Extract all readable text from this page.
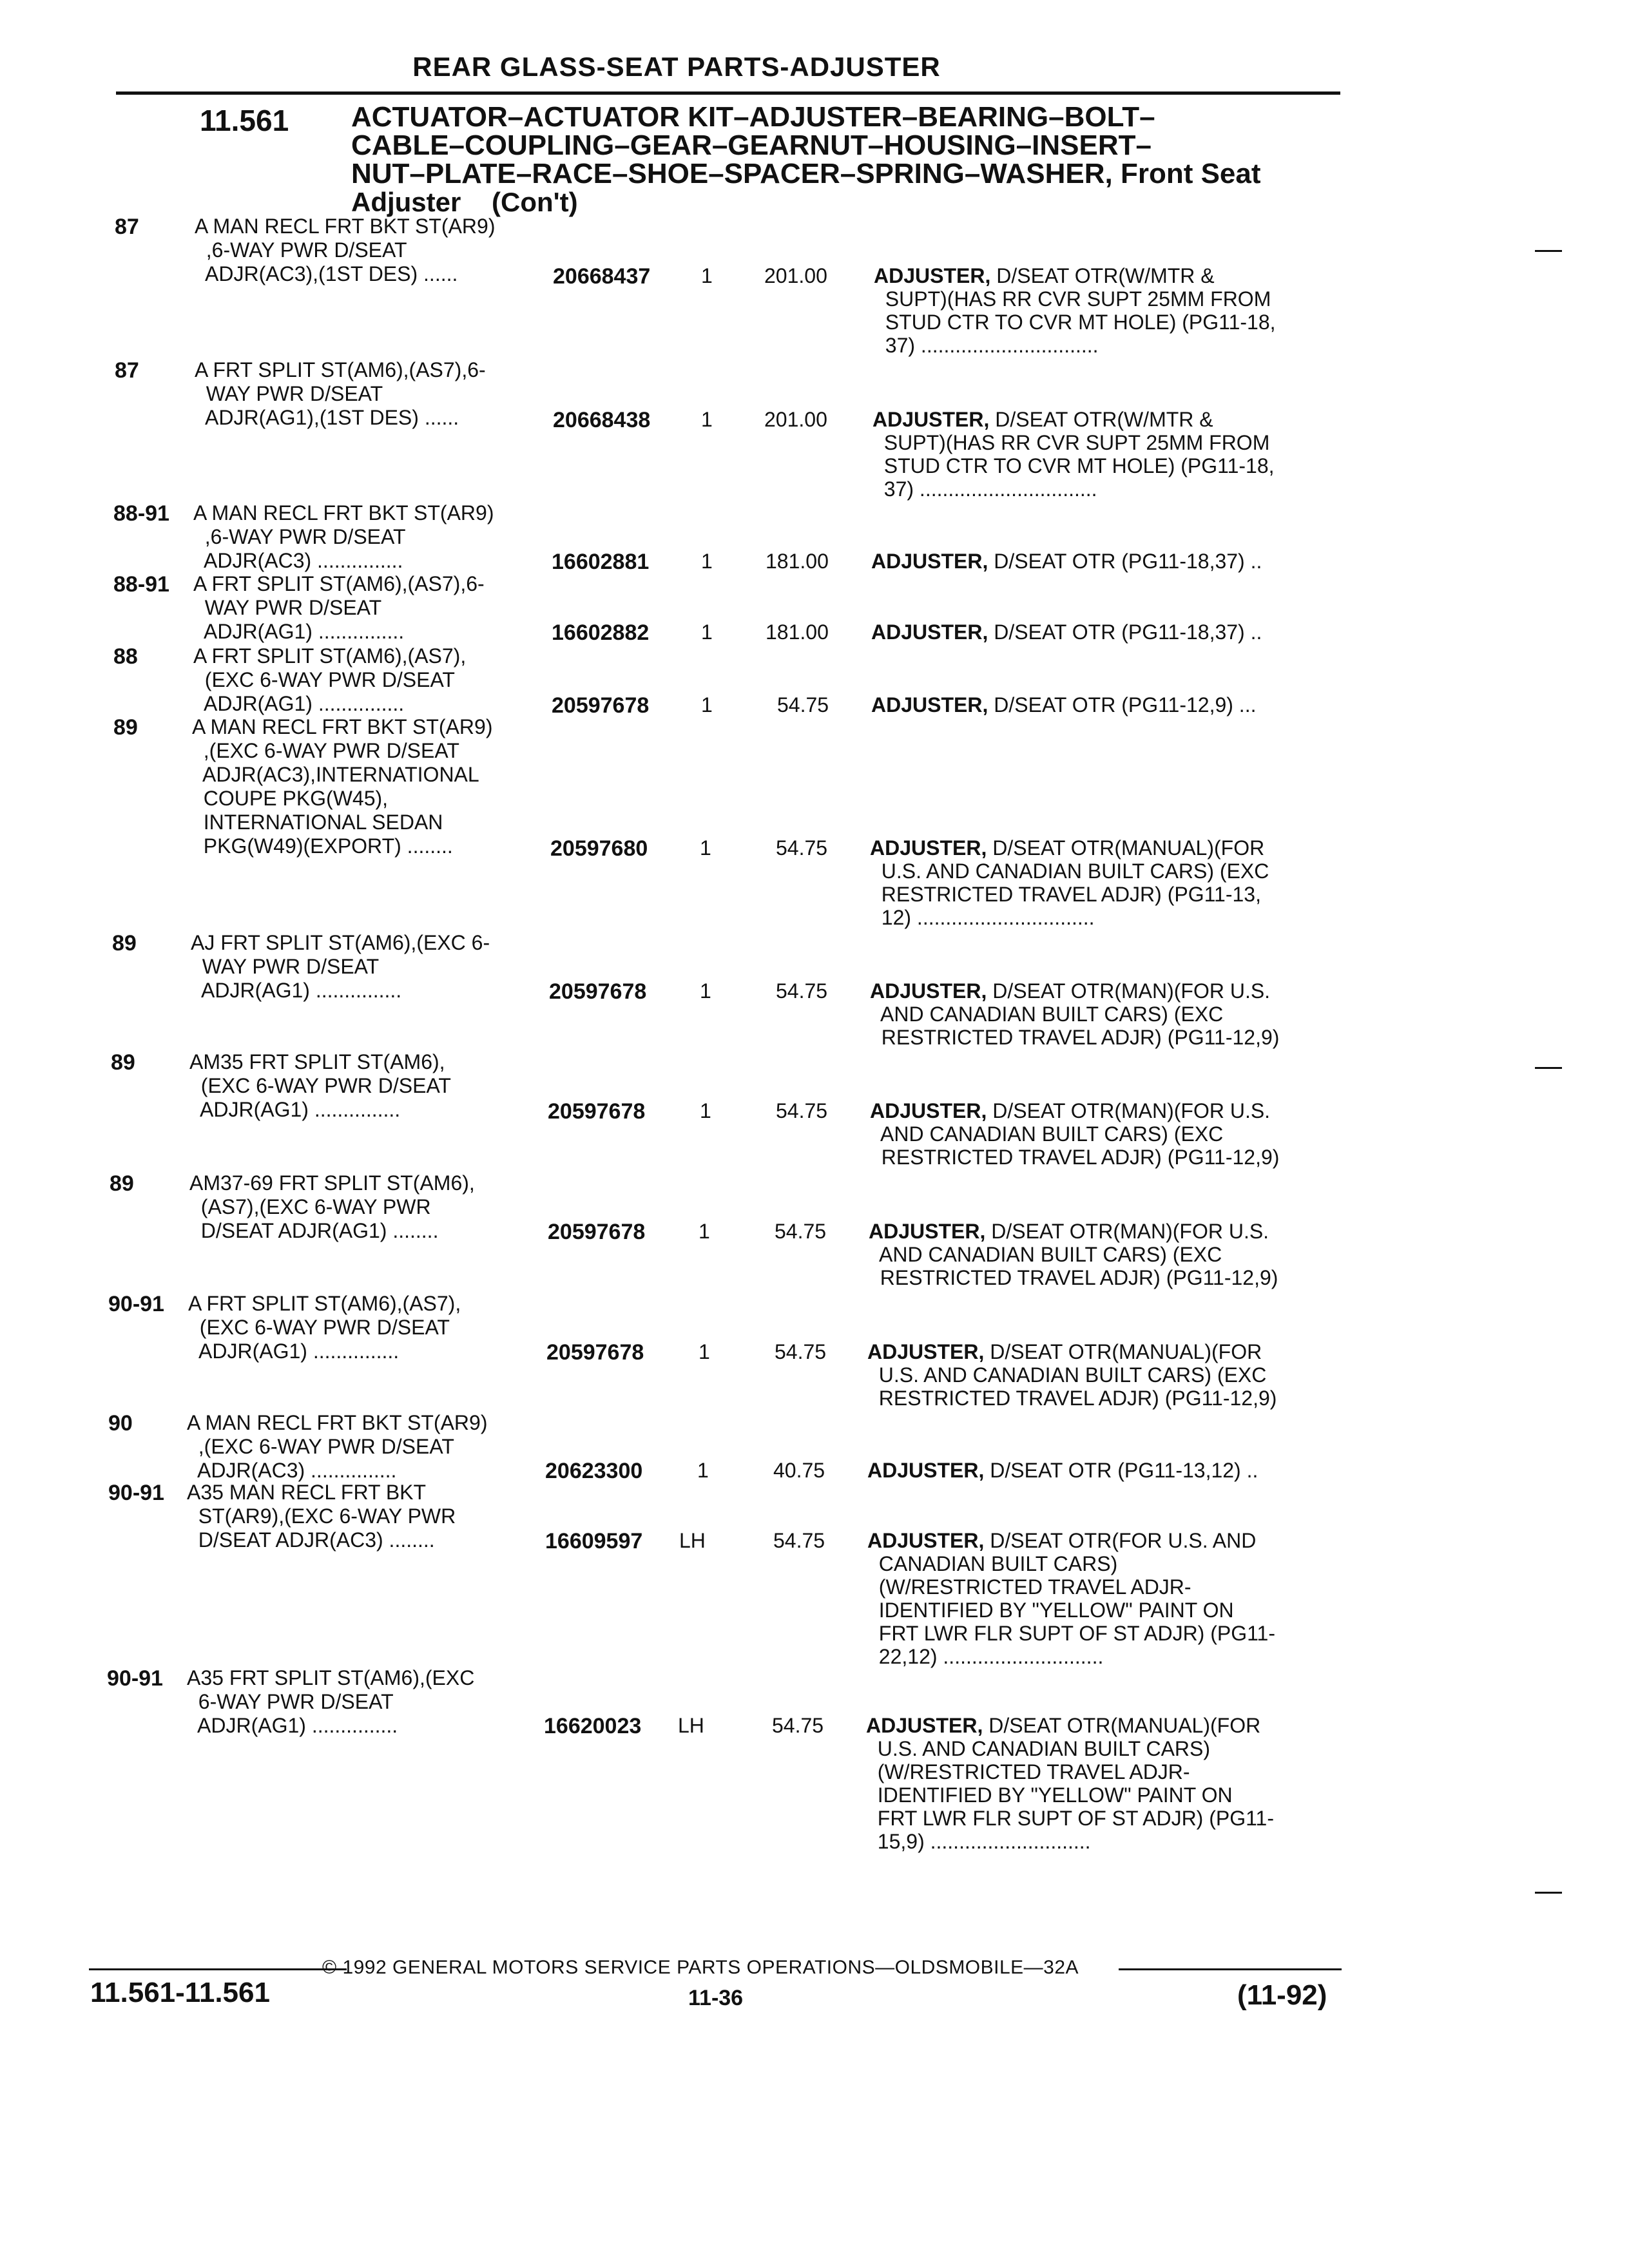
REAR GLASS-SEAT PARTS-ADJUSTER
11.561 ACTUATOR–ACTUATOR KIT–ADJUSTER–BEARING–BOLT–
CABLE–COUPLING–GEAR–GEARNUT–HOUSING–INSERT–
NUT–PLATE–RACE–SHOE–SPACER–SPRING–WASHER, Front Seat
Adjuster (Con't)
87	A MAN RECL FRT BKT ST(AR9)
,6-WAY PWR D/SEAT
ADJR(AC3),(1ST DES) ......	20668437 1	201.00 ADJUSTER, D/SEAT OTR(W/MTR &
SUPT)(HAS RR CVR SUPT 25MM FROM
STUD CTR TO CVR MT HOLE) (PG11-18,
37) ...............................
87	A FRT SPLIT ST(AM6),(AS7),6-
WAY PWR D/SEAT
ADJR(AG1),(1ST DES) ......	20668438 1	201.00 ADJUSTER, D/SEAT OTR(W/MTR &
SUPT)(HAS RR CVR SUPT 25MM FROM
STUD CTR TO CVR MT HOLE) (PG11-18,
37) ...............................
88-91 A MAN RECL FRT BKT ST(AR9)
,6-WAY PWR D/SEAT
ADJR(AC3) ...............	16602881	1	181.00 ADJUSTER, D/SEAT OTR (PG11-18,37) ..
88-91 A FRT SPLIT ST(AM6),(AS7),6-
WAY PWR D/SEAT
ADJR(AG1) ...............	16602882	1	181.00 ADJUSTER, D/SEAT OTR (PG11-18,37) ..
88	A FRT SPLIT ST(AM6),(AS7),
(EXC 6-WAY PWR D/SEAT
ADJR(AG1) ...............	20597678	1	54.75 ADJUSTER, D/SEAT OTR (PG11-12,9) ...
89	A MAN RECL FRT BKT ST(AR9)
,(EXC 6-WAY PWR D/SEAT
ADJR(AC3),INTERNATIONAL
COUPE PKG(W45),
INTERNATIONAL SEDAN
PKG(W49)(EXPORT) ........	20597680	1	54.75 ADJUSTER, D/SEAT OTR(MANUAL)(FOR
U.S. AND CANADIAN BUILT CARS) (EXC
RESTRICTED TRAVEL ADJR) (PG11-13,
12) ...............................
89	AJ FRT SPLIT ST(AM6),(EXC 6-
WAY PWR D/SEAT
ADJR(AG1) ...............	20597678	1	54.75 ADJUSTER, D/SEAT OTR(MAN)(FOR U.S.
AND CANADIAN BUILT CARS) (EXC
RESTRICTED TRAVEL ADJR) (PG11-12,9)
89	AM35 FRT SPLIT ST(AM6),
(EXC 6-WAY PWR D/SEAT
ADJR(AG1) ...............	20597678	1	54.75 ADJUSTER, D/SEAT OTR(MAN)(FOR U.S.
AND CANADIAN BUILT CARS) (EXC
RESTRICTED TRAVEL ADJR) (PG11-12,9)
89	AM37-69 FRT SPLIT ST(AM6),
(AS7),(EXC 6-WAY PWR
D/SEAT ADJR(AG1) ........	20597678	1	54.75 ADJUSTER, D/SEAT OTR(MAN)(FOR U.S.
AND CANADIAN BUILT CARS) (EXC
RESTRICTED TRAVEL ADJR) (PG11-12,9)
90-91 A FRT SPLIT ST(AM6),(AS7),
(EXC 6-WAY PWR D/SEAT
ADJR(AG1) ...............	20597678	1	54.75 ADJUSTER, D/SEAT OTR(MANUAL)(FOR
U.S. AND CANADIAN BUILT CARS) (EXC
RESTRICTED TRAVEL ADJR) (PG11-12,9)
90	A MAN RECL FRT BKT ST(AR9)
,(EXC 6-WAY PWR D/SEAT
ADJR(AC3) ...............	20623300	1	40.75 ADJUSTER, D/SEAT OTR (PG11-13,12) ..
90-91 A35 MAN RECL FRT BKT
ST(AR9),(EXC 6-WAY PWR
D/SEAT ADJR(AC3) ........	16609597 LH	54.75 ADJUSTER, D/SEAT OTR(FOR U.S. AND
CANADIAN BUILT CARS)
(W/RESTRICTED TRAVEL ADJR-
IDENTIFIED BY "YELLOW" PAINT ON
FRT LWR FLR SUPT OF ST ADJR) (PG11-
22,12) ............................
90-91 A35 FRT SPLIT ST(AM6),(EXC
6-WAY PWR D/SEAT
ADJR(AG1) ...............	16620023 LH	54.75 ADJUSTER, D/SEAT OTR(MANUAL)(FOR
U.S. AND CANADIAN BUILT CARS)
(W/RESTRICTED TRAVEL ADJR-
IDENTIFIED BY "YELLOW" PAINT ON
FRT LWR FLR SUPT OF ST ADJR) (PG11-
15,9) ............................
© 1992 GENERAL MOTORS SERVICE PARTS OPERATIONS—OLDSMOBILE—32A
11.561-11.561	11-36	(11-92)
